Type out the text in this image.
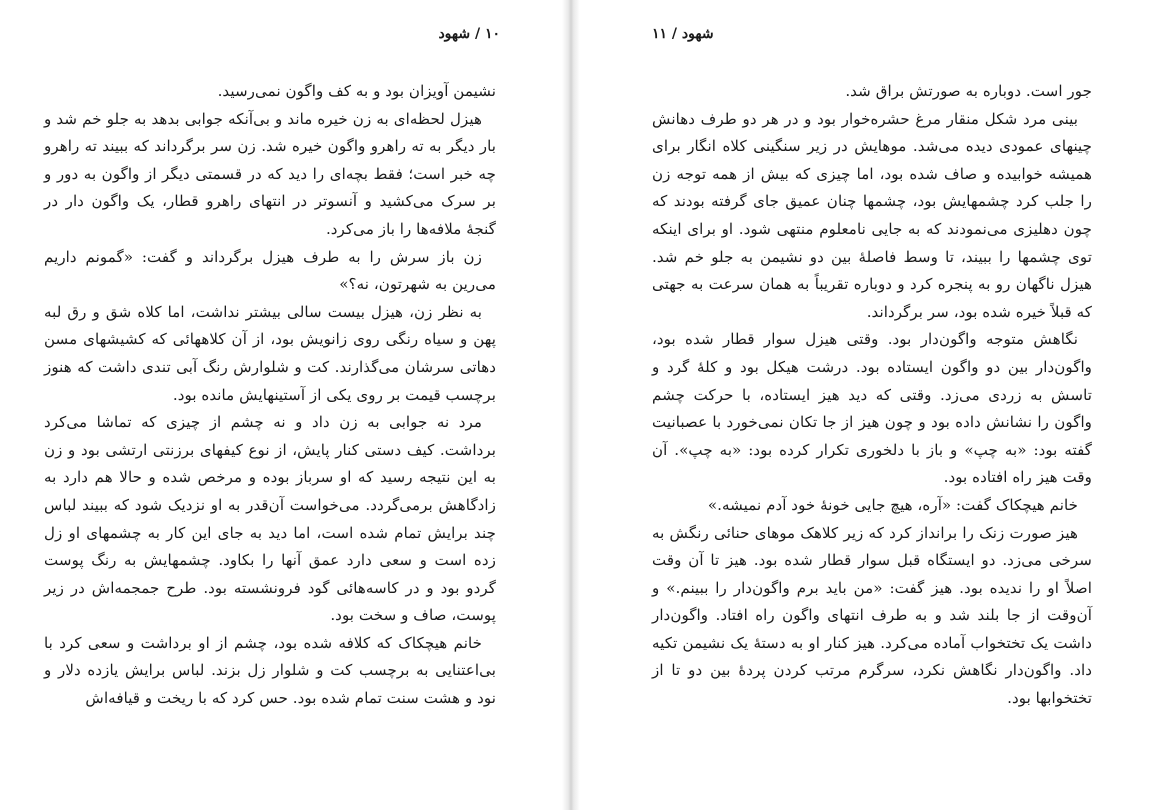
۱۰ / شهود

نشیمن آویزان بود و به کف واگون نمی‌رسید.

هیزل لحظه‌ای به زن خیره ماند و بی‌آنکه جوابی بدهد به جلو خم شد و بار دیگر به ته راهرو واگون خیره شد. زن سر برگرداند که ببیند ته راهرو چه خبر است؛ فقط بچه‌ای را دید که در قسمتی دیگر از واگون به دور و بر سرک می‌کشید و آنسوتر در انتهای راهرو قطار، یک واگون دار در گنجهٔ ملافه‌ها را باز می‌کرد.

زن باز سرش را به طرف هیزل برگرداند و گفت: «گمونم داریم می‌رین به شهرتون، نه؟»

به نظر زن، هیزل بیست سالی بیشتر نداشت، اما کلاه شق و رق لبه پهن و سیاه رنگی روی زانویش بود، از آن کلاههائی که کشیشهای مسن دهاتی سرشان می‌گذارند. کت و شلوارش رنگ آبی تندی داشت که هنوز برچسب قیمت بر روی یکی از آستینهایش مانده بود.

مرد نه جوابی به زن داد و نه چشم از چیزی که تماشا می‌کرد برداشت. کیف دستی کنار پایش، از نوع کیفهای برزنتی ارتشی بود و زن به این نتیجه رسید که او سرباز بوده و مرخص شده و حالا هم دارد به زادگاهش برمی‌گردد. می‌خواست آن‌قدر به او نزدیک شود که ببیند لباس چند برایش تمام شده است، اما دید به جای این کار به چشمهای او زل زده است و سعی دارد عمق آنها را بکاود. چشمهایش به رنگ پوست گردو بود و در کاسه‌هائی گود فرونشسته بود. طرح جمجمه‌اش در زیر پوست، صاف و سخت بود.

خانم هیچکاک که کلافه شده بود، چشم از او برداشت و سعی کرد با بی‌اعتنایی به برچسب کت و شلوار زل بزند. لباس برایش یازده دلار و نود و هشت سنت تمام شده بود. حس کرد که با ریخت و قیافه‌اش

شهود / ۱۱

جور است. دوباره به صورتش براق شد.

بینی مرد شکل منقار مرغ حشره‌خوار بود و در هر دو طرف دهانش چینهای عمودی دیده می‌شد. موهایش در زیر سنگینی کلاه انگار برای همیشه خوابیده و صاف شده بود، اما چیزی که بیش از همه توجه زن را جلب کرد چشمهایش بود، چشمها چنان عمیق جای گرفته بودند که چون دهلیزی می‌نمودند که به جایی نامعلوم منتهی شود. او برای اینکه توی چشمها را ببیند، تا وسط فاصلهٔ بین دو نشیمن به جلو خم شد. هیزل ناگهان رو به پنجره کرد و دوباره تقریباً به همان سرعت به جهتی که قبلاً خیره شده بود، سر برگرداند.

نگاهش متوجه واگون‌دار بود. وقتی هیزل سوار قطار شده بود، واگون‌دار بین دو واگون ایستاده بود. درشت هیکل بود و کلهٔ گرد و تاسش به زردی می‌زد. وقتی که دید هیز ایستاده، با حرکت چشم واگون را نشانش داده بود و چون هیز از جا تکان نمی‌خورد با عصبانیت گفته بود: «به چپ» و باز با دلخوری تکرار کرده بود: «به چپ». آن وقت هیز راه افتاده بود.

خانم هیچکاک گفت: «آره، هیچ جایی خونهٔ خود آدم نمیشه.»

هیز صورت زنک را برانداز کرد که زیر کلاهک موهای حنائی رنگش به سرخی می‌زد. دو ایستگاه قبل سوار قطار شده بود. هیز تا آن وقت اصلاً او را ندیده بود. هیز گفت: «من باید برم واگون‌دار را ببینم.» و آن‌وقت از جا بلند شد و به طرف انتهای واگون راه افتاد. واگون‌دار داشت یک تختخواب آماده می‌کرد. هیز کنار او به دستهٔ یک نشیمن تکیه داد. واگون‌دار نگاهش نکرد، سرگرم مرتب کردن پردهٔ بین دو تا از تختخوابها بود.
